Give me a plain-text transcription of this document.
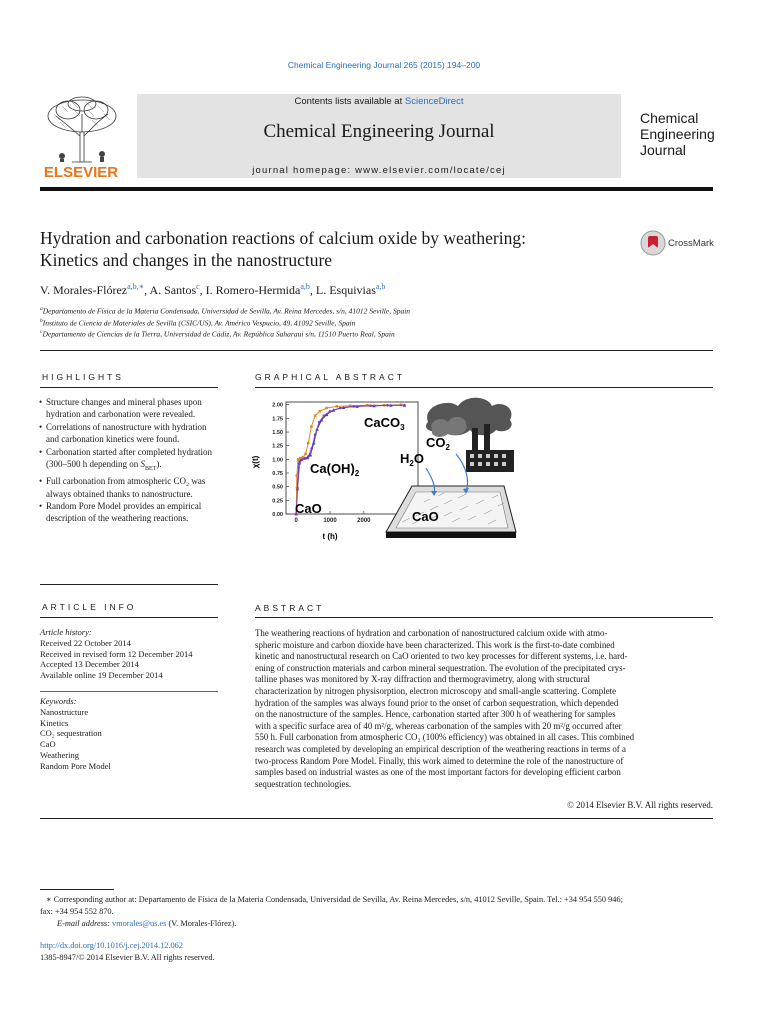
Chemical Engineering Journal 265 (2015) 194–200
ELSEVIER
Contents lists available at ScienceDirect
Chemical Engineering Journal
journal homepage: www.elsevier.com/locate/cej
Chemical
Engineering
Journal
Hydration and carbonation reactions of calcium oxide by weathering:
Kinetics and changes in the nanostructure
CrossMark
V. Morales-Flórez$^{a,b,∗}$, A. Santos$^c$, I. Romero-Hermida$^{a,b}$, L. Esquivias$^{a,b}$
$^a$Departamento de Física de la Materia Condensada, Universidad de Sevilla, Av. Reina Mercedes, s/n, 41012 Seville, Spain
$^b$Instituto de Ciencia de Materiales de Sevilla (CSIC/US), Av. Américo Vespucio, 49, 41092 Seville, Spain
$^c$Departamento de Ciencias de la Tierra, Universidad de Cádiz, Av. República Saharaui s/n, 11510 Puerto Real, Spain
HIGHLIGHTS
• Structure changes and mineral phases upon hydration and carbonation were revealed.
• Correlations of nanostructure with hydration and carbonation kinetics were found.
• Carbonation started after completed hydration (300–500 h depending on $S_{BET}$).
• Full carbonation from atmospheric CO₂ was always obtained thanks to nanostructure.
• Random Pore Model provides an empirical description of the weathering reactions.
GRAPHICAL ABSTRACT
0.00
0.25
0.50
0.75
1.00
1.25
1.50
1.75
2.00
0	1000	2000
χ(t)
t (h)
CaCO$_3$
$Ca(OH)_2$
CaO
$CO_2$
$H_2O$
CaO
ARTICLE INFO
Article history:
Received 22 October 2014
Received in revised form 12 December 2014
Accepted 13 December 2014
Available online 19 December 2014
Keywords:
Nanostructure
Kinetics
CO₂ sequestration
CaO
Weathering
Random Pore Model
ABSTRACT
The weathering reactions of hydration and carbonation of nanostructured calcium oxide with atmo-
spheric moisture and carbon dioxide have been characterized. This work is the first-to-date combined
kinetic and nanostructural research on CaO oriented to two key processes for different systems, i.e. hard-
ening of construction materials and carbon mineral sequestration. The evolution of the precipitated crys-
talline phases was monitored by X-ray diffraction and thermogravimetry, along with structural
characterization by nitrogen physisorption, electron microscopy and small-angle scattering. Complete
hydration of the samples was always found prior to the onset of carbon sequestration, which depended
on the nanostructure of the samples. Hence, carbonation started after 300 h of weathering for samples
with a specific surface area of 40 m²/g, whereas carbonation of the samples with 20 m²/g occurred after
550 h. Full carbonation from atmospheric CO₂ (100% efficiency) was obtained in all cases. This combined
research was completed by developing an empirical description of the weathering reactions in terms of a
two-process Random Pore Model. Finally, this work aimed to determine the role of the nanostructure of
samples based on industrial wastes as one of the most important factors for developing efficient carbon
sequestration technologies.
© 2014 Elsevier B.V. All rights reserved.
∗ Corresponding author at: Departamento de Física de la Materia Condensada, Universidad de Sevilla, Av. Reina Mercedes, s/n, 41012 Seville, Spain. Tel.: +34 954 550 946;
fax: +34 954 552 870.
E-mail address: vmorales@us.es (V. Morales-Flórez).
http://dx.doi.org/10.1016/j.cej.2014.12.062
1385-8947/© 2014 Elsevier B.V. All rights reserved.
